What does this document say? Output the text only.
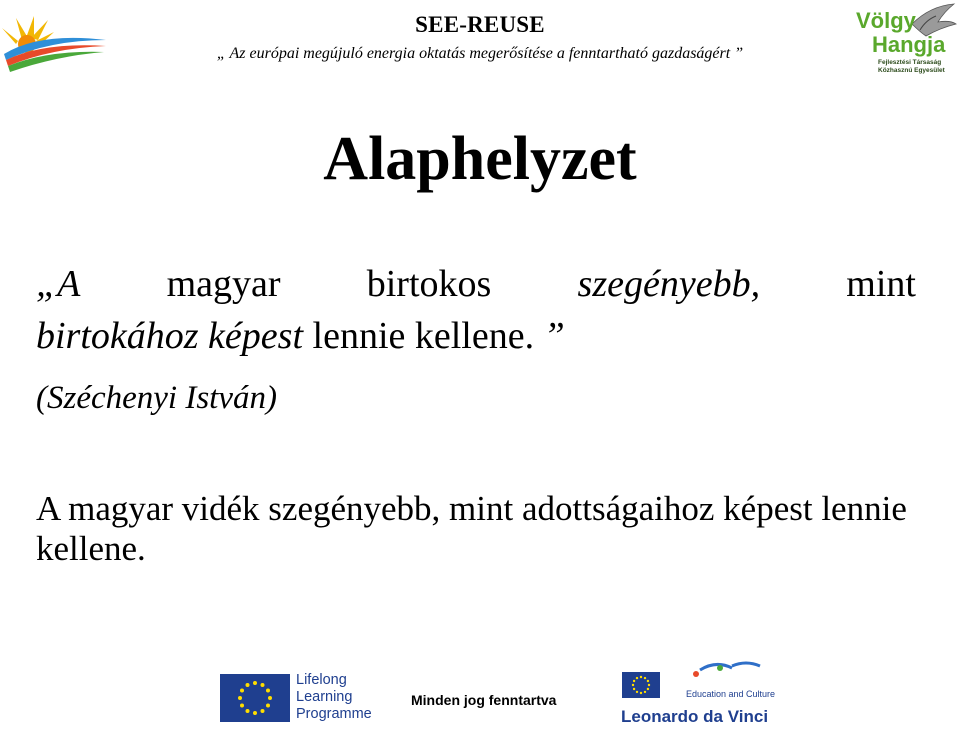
SEE-REUSE
„ Az európai megújuló energia oktatás megerősítése a fenntartható gazdaságért ”
Völgy
Hangja
Fejlesztési Társaság
Közhasznú Egyesület
Alaphelyzet
„A magyar birtokos szegényebb, mint
birtokához képest lennie kellene. ”
(Széchenyi István)
A magyar vidék szegényebb, mint adottságaihoz képest lennie kellene.
Lifelong
Learning
Programme
Minden jog fenntartva	Education and Culture
Leonardo da Vinci
